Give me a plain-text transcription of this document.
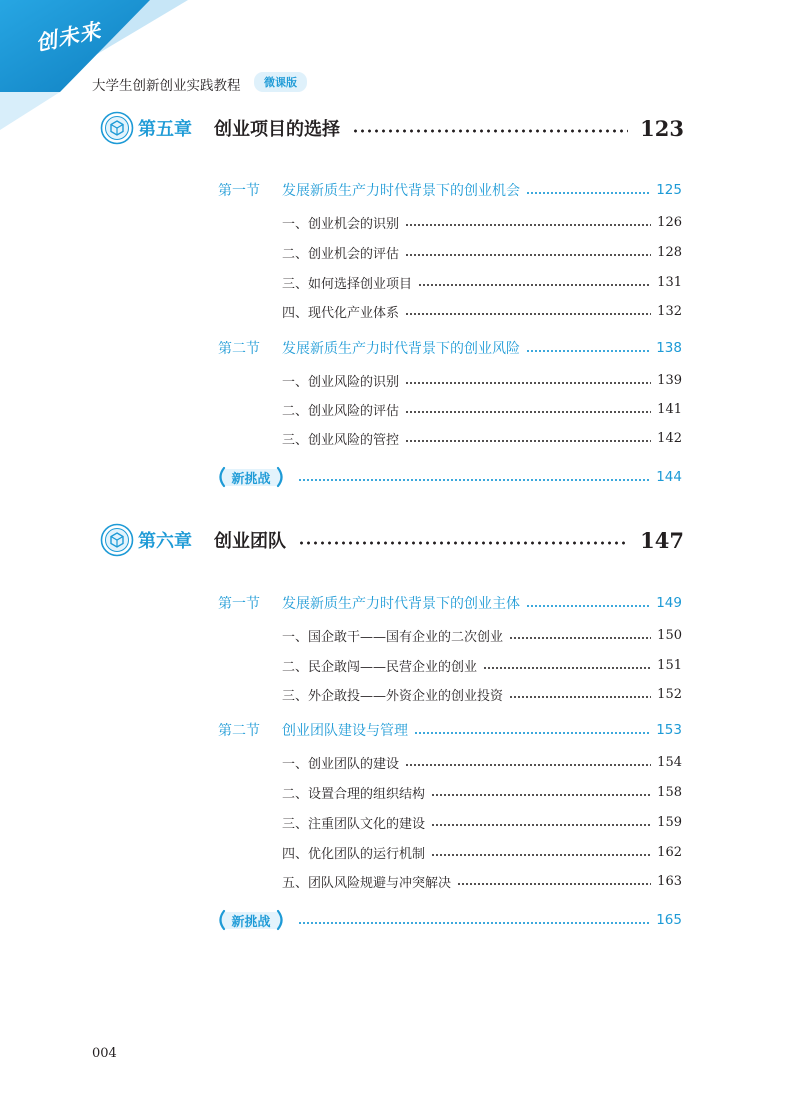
创未来
大学生创新创业实践教程	微课版
第五章 创业项目的选择	123
第一节	发展新质生产力时代背景下的创业机会	125
一、创业机会的识别	126
二、创业机会的评估	128
三、如何选择创业项目	131
四、现代化产业体系	132
第二节	发展新质生产力时代背景下的创业风险	138
一、创业风险的识别	139
二、创业风险的评估	141
三、创业风险的管控	142
新挑战	144
第六章 创业团队	147
第一节	发展新质生产力时代背景下的创业主体	149
一、国企敢干——国有企业的二次创业	150
二、民企敢闯——民营企业的创业	151
三、外企敢投——外资企业的创业投资	152
第二节	创业团队建设与管理	153
一、创业团队的建设	154
二、设置合理的组织结构	158
三、注重团队文化的建设	159
四、优化团队的运行机制	162
五、团队风险规避与冲突解决	163
新挑战	165
004
